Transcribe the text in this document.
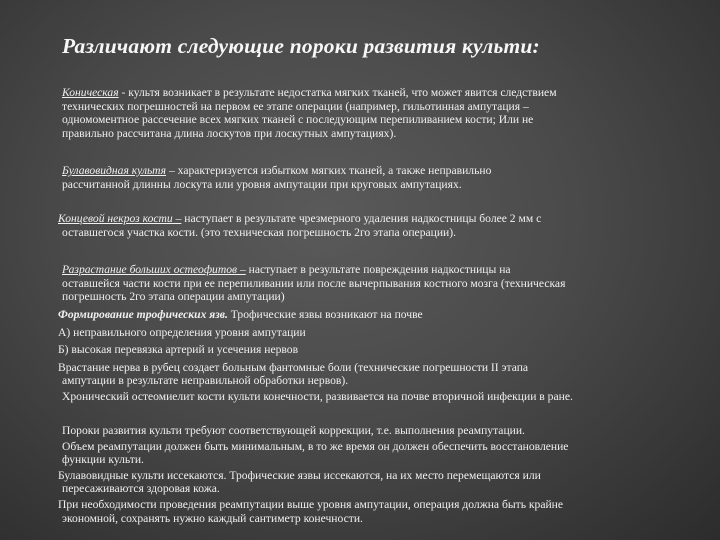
Различают следующие пороки развития культи:
Коническая - культя возникает в результате недостатка мягких тканей, что может явится следствием
технических погрешностей на первом ее этапе операции (например, гильотинная ампутация –
одномоментное рассечение всех мягких тканей с последующим перепиливанием кости; Или не
правильно рассчитана длина лоскутов при лоскутных ампутациях).
Булавовидная культя – характеризуется избытком мягких тканей, а также неправильно
рассчитанной длинны лоскута или уровня ампутации при круговых ампутациях.
Концевой некроз кости – наступает в результате чрезмерного удаления надкостницы более 2 мм с
оставшегося участка кости. (это техническая погрешность 2го этапа операции).
Разрастание больших остеофитов – наступает в результате повреждения надкостницы на
оставшейся части кости при ее перепиливании или после вычерпывания костного мозга (техническая
погрешность 2го этапа операции ампутации)
Формирование трофических язв. Трофические язвы возникают на почве
А) неправильного определения уровня ампутации
Б) высокая перевязка артерий и усечения нервов
Врастание нерва в рубец создает больным фантомные боли (технические погрешности II этапа
ампутации в результате неправильной обработки нервов).
Хронический остеомиелит кости культи конечности, развивается на почве вторичной инфекции в ране.
Пороки развития культи требуют соответствующей коррекции, т.е. выполнения реампутации.
Объем реампутации должен быть минимальным, в то же время он должен обеспечить восстановление
функции культи.
Булавовидные культи иссекаются. Трофические язвы иссекаются, на их место перемещаются или
пересаживаются здоровая кожа.
При необходимости проведения реампутации выше уровня ампутации, операция должна быть крайне
экономной, сохранять нужно каждый сантиметр конечности.
